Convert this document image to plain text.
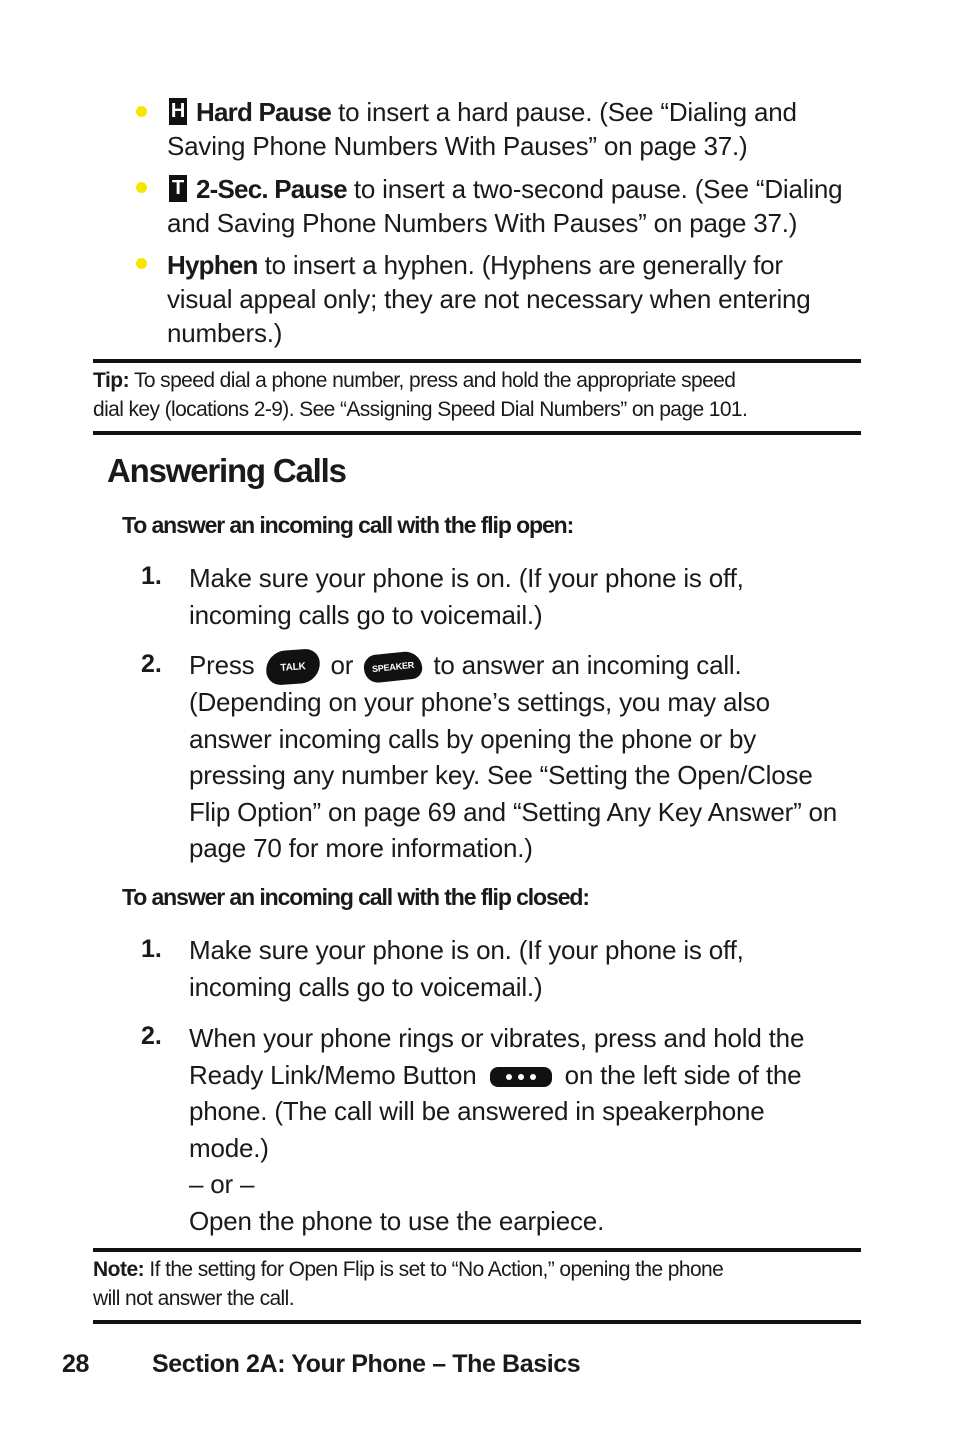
H Hard Pause to insert a hard pause. (See “Dialing and
Saving Phone Numbers With Pauses” on page 37.)
T 2-Sec. Pause to insert a two-second pause. (See “Dialing
and Saving Phone Numbers With Pauses” on page 37.)
Hyphen to insert a hyphen. (Hyphens are generally for
visual appeal only; they are not necessary when entering
numbers.)
Tip: To speed dial a phone number, press and hold the appropriate speed
dial key (locations 2-9). See “Assigning Speed Dial Numbers” on page 101.
Answering Calls
To answer an incoming call with the flip open:
1. Make sure your phone is on. (If your phone is off,
incoming calls go to voicemail.)
2. Press	TALK or SPEAKER to answer an incoming call.
(Depending on your phone’s settings, you may also
answer incoming calls by opening the phone or by
pressing any number key. See “Setting the Open/Close
Flip Option” on page 69 and “Setting Any Key Answer” on
page 70 for more information.)
To answer an incoming call with the flip closed:
1. Make sure your phone is on. (If your phone is off,
incoming calls go to voicemail.)
2. When your phone rings or vibrates, press and hold the
Ready Link/Memo Button	on the left side of the
phone. (The call will be answered in speakerphone
mode.)
– or –
Open the phone to use the earpiece.
Note: If the setting for Open Flip is set to “No Action,” opening the phone
will not answer the call.
28	Section 2A: Your Phone – The Basics
